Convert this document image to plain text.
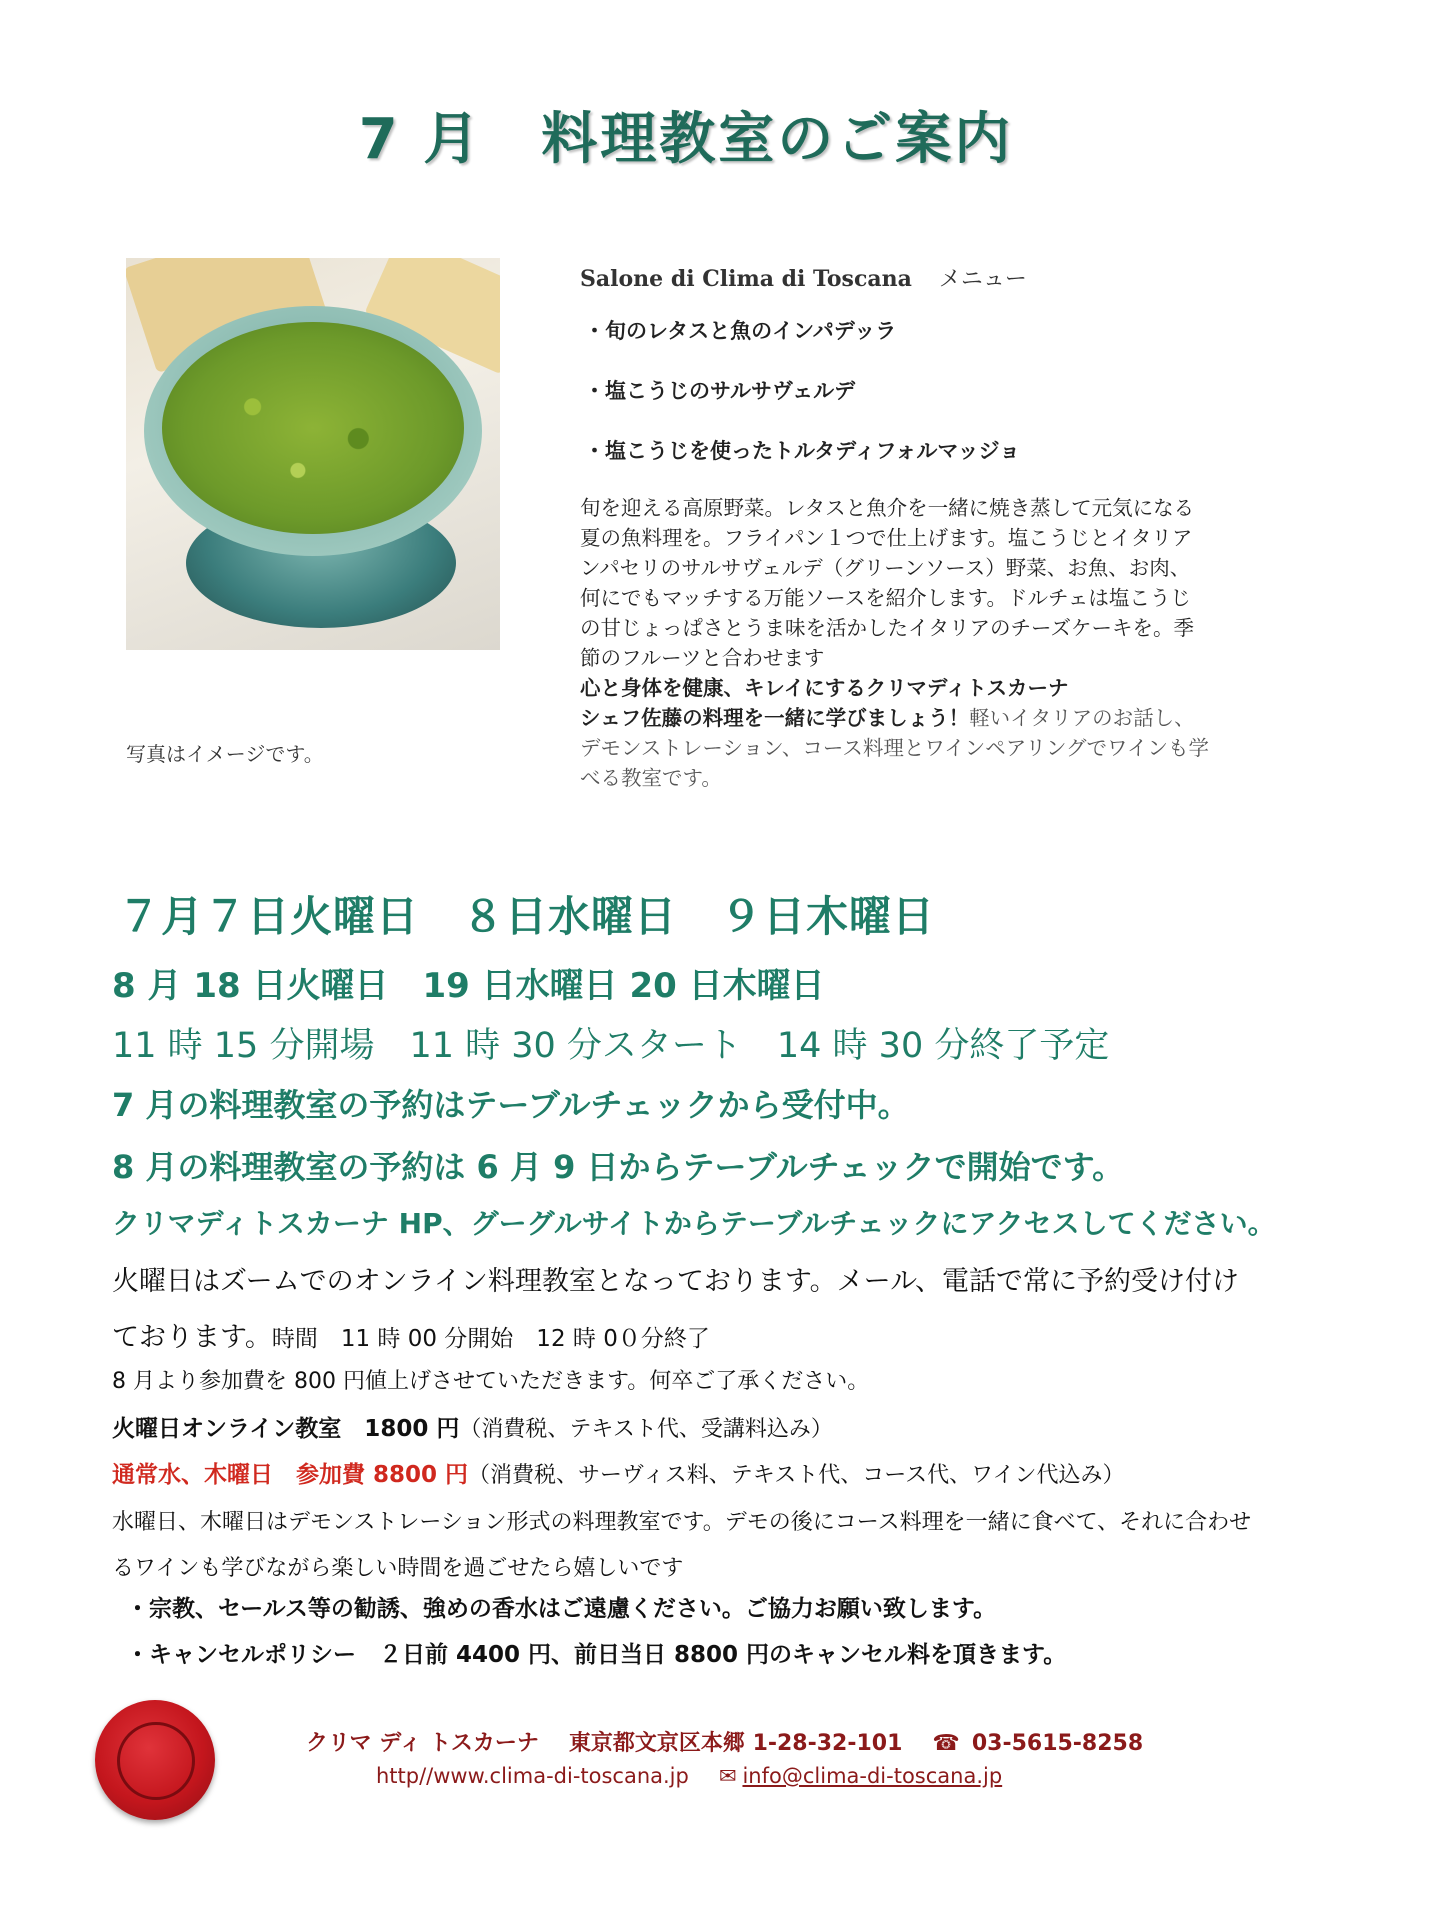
7 月　料理教室のご案内
写真はイメージです。
Salone di Clima di Toscana メニュー
・旬のレタスと魚のインパデッラ
・塩こうじのサルサヴェルデ
・塩こうじを使ったトルタディフォルマッジョ
旬を迎える高原野菜。レタスと魚介を一緒に焼き蒸して元気になる夏の魚料理を。フライパン１つで仕上げます。塩こうじとイタリアンパセリのサルサヴェルデ（グリーンソース）野菜、お魚、お肉、何にでもマッチする万能ソースを紹介します。ドルチェは塩こうじの甘じょっぱさとうま味を活かしたイタリアのチーズケーキを。季節のフルーツと合わせます
心と身体を健康、キレイにするクリマディトスカーナ
シェフ佐藤の料理を一緒に学びましょう！軽いイタリアのお話し、デモンストレーション、コース料理とワインペアリングでワインも学べる教室です。
７月７日火曜日　８日水曜日　９日木曜日
8 月 18 日火曜日　19 日水曜日 20 日木曜日
11 時 15 分開場　11 時 30 分スタート　14 時 30 分終了予定
7 月の料理教室の予約はテーブルチェックから受付中。
8 月の料理教室の予約は 6 月 9 日からテーブルチェックで開始です。
クリマディトスカーナ HP、グーグルサイトからテーブルチェックにアクセスしてください。
火曜日はズームでのオンライン料理教室となっております。メール、電話で常に予約受け付けております。時間　11 時 00 分開始　12 時 0０分終了
8 月より参加費を 800 円値上げさせていただきます。何卒ご了承ください。
火曜日オンライン教室　1800 円（消費税、テキスト代、受講料込み）
通常水、木曜日　参加費 8800 円（消費税、サーヴィス料、テキスト代、コース代、ワイン代込み）
水曜日、木曜日はデモンストレーション形式の料理教室です。デモの後にコース料理を一緒に食べて、それに合わせるワインも学びながら楽しい時間を過ごせたら嬉しいです
・宗教、セールス等の勧誘、強めの香水はご遠慮ください。ご協力お願い致します。
・キャンセルポリシー　２日前 4400 円、前日当日 8800 円のキャンセル料を頂きます。
クリマ ディ トスカーナ 東京都文京区本郷 1-28-32-101 ☎ 03-5615-8258
http//www.clima-di-toscana.jp ✉ info@clima-di-toscana.jp
